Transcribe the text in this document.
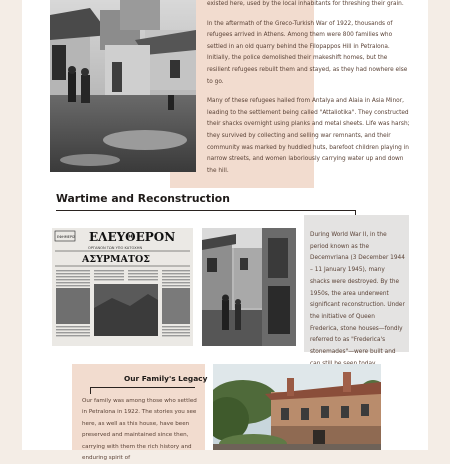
existed here, used by the local inhabitants for threshing their grain.

In the aftermath of the Greco-Turkish War of 1922, thousands of refugees arrived in Athens. Among them were 800 families who settled in an old quarry behind the Filopappos Hill in Petralona. Initially, the police demolished their makeshift homes, but the resilient refugees rebuilt them and stayed, as they had nowhere else to go.

Many of these refugees hailed from Antalya and Alaia in Asia Minor, leading to the settlement being called "Attaliotika". They constructed their shacks overnight using planks and metal sheets. Life was harsh; they survived by collecting and selling war remnants, and their community was marked by huddled huts, barefoot children playing in narrow streets, and women laboriously carrying water up and down the hill.

Wartime and Reconstruction
ΕΦΗΜΕΡΙΣ ΕΛΕΥΘΕΡΟΝ
ΟΡΓΑΝΟΝ ΤΩΝ ΥΠΟ ΚΑΤΟΧΗΝ
ΑΣΥΡΜΑΤΟΣ
During World War II, in the period known as the Decemvriana (3 December 1944 – 11 January 1945), many shacks were destroyed. By the 1950s, the area underwent significant reconstruction. Under the initiative of Queen Frederica, stone houses—fondly referred to as "Frederica's stonemades"—were built and
Our Family's Legacy
Our family was among those who settled in Petralona in 1922. The stories you see here, as well as this house, have been preserved and maintained since then, carrying with them the rich history and enduring spirit of
